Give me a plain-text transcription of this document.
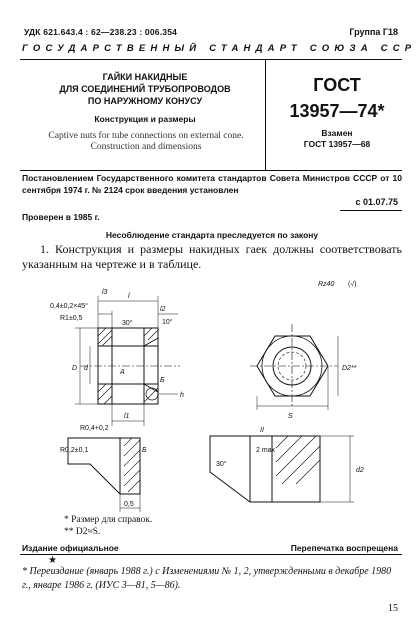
УДК 621.643.4 : 62—238.23 : 006.354	Группа Г18
ГОСУДАРСТВЕННЫЙ СТАНДАРТ СОЮЗА ССР
ГАЙКИ НАКИДНЫЕ
ДЛЯ СОЕДИНЕНИЙ ТРУБОПРОВОДОВ
ПО НАРУЖНОМУ КОНУСУ
Конструкция и размеры
Captive nuts for tube connections on external cone.
Construction and dimensions
ГОСТ
13957—74*
Взамен
ГОСТ 13957—68
Постановлением Государственного комитета стандартов Совета Министров СССР от 10 сентября 1974 г. № 2124 срок введения установлен
с 01.07.75
Проверен в 1985 г.
Несоблюдение стандарта преследуется по закону
1. Конструкция и размеры накидных гаек должны соответствовать указанным на чертеже и в таблице.
Rz40 (√)
0,4±0,2×45°
R1±0,5
30°	10°
l3
l
l2
D d
A
h
Б
l1	S
D2**
R0,4+0,2
R0,2±0,1	Б
0,5
II
2 max
30°
d2
* Размер для справок.
** D2≈S.
Издание официальное	Перепечатка воспрещена
★
* Переиздание (январь 1988 г.) с Изменениями № 1, 2, утвержденными в декабре 1980 г., январе 1986 г. (ИУС 3—81, 5—86).
15
